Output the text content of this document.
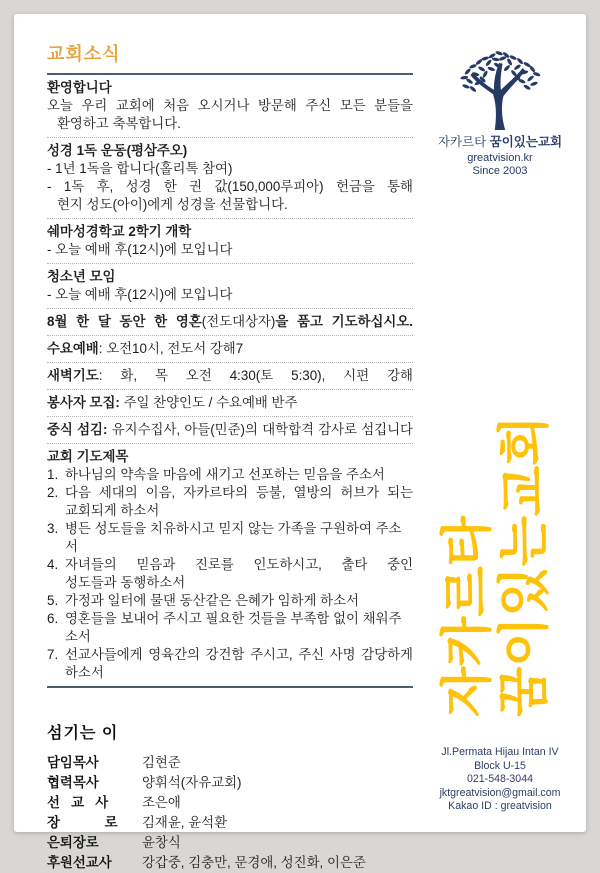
교회소식
환영합니다
오늘 우리 교회에 처음 오시거나 방문해 주신 모든 분들을
환영하고 축복합니다.
성경 1독 운동(평삼주오)
- 1년 1독을 합니다(홀리톡 참여)
- 1독 후, 성경 한 권 값(150,000루피아) 헌금을 통해
현지 성도(아이)에게 성경을 선물합니다.
쉐마성경학교 2학기 개학
- 오늘 예배 후(12시)에 모입니다
청소년 모임
- 오늘 예배 후(12시)에 모입니다
8월 한 달 동안 한 영혼(전도대상자)을 품고 기도하십시오.
수요예배: 오전10시, 전도서 강해7
새벽기도: 화, 목 오전 4:30(토 5:30), 시편 강해
봉사자 모집: 주일 찬양인도 / 수요예배 반주
중식 섬김: 유지수집사, 아들(민준)의 대학합격 감사로 섬깁니다
교회 기도제목
1. 하나님의 약속을 마음에 새기고 선포하는 믿음을 주소서
2. 다음 세대의 이음, 자카르타의 등불, 열방의 허브가 되는
교회되게 하소서
3. 병든 성도들을 치유하시고 믿지 않는 가족을 구원하여 주소서
4. 자녀들의 믿음과 진로를 인도하시고, 출타 중인
성도들과 동행하소서
5. 가정과 일터에 물댄 동산같은 은혜가 임하게 하소서
6. 영혼들을 보내어 주시고 필요한 것들을 부족함 없이 채워주소서
7. 선교사들에게 영육간의 강건함 주시고, 주신 사명 감당하게
하소서
섬기는 이
담임목사	김현준
협력목사	양휘석(자유교회)
선   교   사	조은애
장            로	김재윤, 윤석환
은퇴장로	윤창식
후원선교사	강갑중, 김충만, 문경애, 성진화, 이은준
자카르타 꿈이있는교회
greatvision.kr
Since 2003
자카르타 꿈이있는교회
Jl.Permata Hijau Intan IV
Block U-15
021-548-3044
jktgreatvision@gmail.com
Kakao ID : greatvision
